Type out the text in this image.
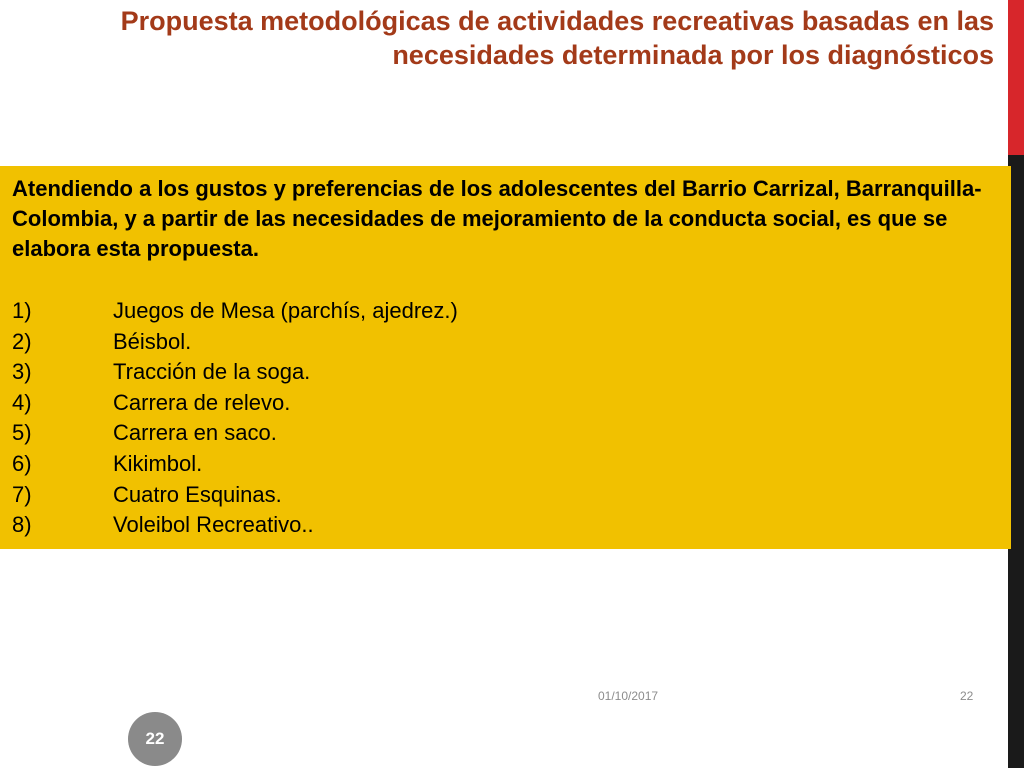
Propuesta metodológicas de actividades recreativas basadas en las necesidades determinada por los diagnósticos

Atendiendo a los gustos y preferencias de los adolescentes del Barrio Carrizal, Barranquilla-Colombia, y a partir de las necesidades de mejoramiento de la conducta social, es que se elabora esta propuesta.

1)	Juegos de Mesa (parchís, ajedrez.)
2)	Béisbol.
3)	Tracción de la soga.
4)	Carrera de relevo.
5)	Carrera en saco.
6)	Kikimbol.
7)	Cuatro Esquinas.
8)	Voleibol Recreativo..
01/10/2017	22
22
